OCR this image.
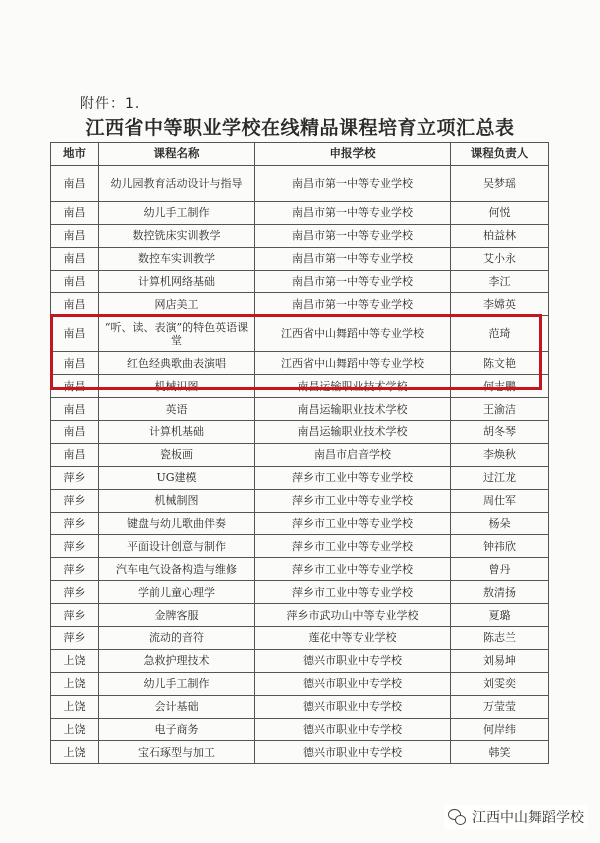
附件：1.
江西省中等职业学校在线精品课程培育立项汇总表
地市	课程名称	申报学校	课程负责人
南昌	幼儿园教育活动设计与指导	南昌市第一中等专业学校	吴梦瑶
南昌	幼儿手工制作	南昌市第一中等专业学校	何悦
南昌	数控铣床实训教学	南昌市第一中等专业学校	柏益林
南昌	数控车实训教学	南昌市第一中等专业学校	艾小永
南昌	计算机网络基础	南昌市第一中等专业学校	李江
南昌	网店美工	南昌市第一中等专业学校	李嫦英
南昌	“听、读、表演”的特色英语课堂	江西省中山舞蹈中等专业学校	范琦
南昌	红色经典歌曲表演唱	江西省中山舞蹈中等专业学校	陈文艳
南昌	机械识图	南昌运输职业技术学校	何志鹏
南昌	英语	南昌运输职业技术学校	王渝洁
南昌	计算机基础	南昌运输职业技术学校	胡冬琴
南昌	瓷板画	南昌市启音学校	李焕秋
萍乡	UG建模	萍乡市工业中等专业学校	过江龙
萍乡	机械制图	萍乡市工业中等专业学校	周仕军
萍乡	键盘与幼儿歌曲伴奏	萍乡市工业中等专业学校	杨朵
萍乡	平面设计创意与制作	萍乡市工业中等专业学校	钟祎欣
萍乡	汽车电气设备构造与维修	萍乡市工业中等专业学校	曾丹
萍乡	学前儿童心理学	萍乡市工业中等专业学校	敖清扬
萍乡	金牌客服	萍乡市武功山中等专业学校	夏璐
萍乡	流动的音符	莲花中等专业学校	陈志兰
上饶	急救护理技术	德兴市职业中专学校	刘易坤
上饶	幼儿手工制作	德兴市职业中专学校	刘雯奕
上饶	会计基础	德兴市职业中专学校	万莹莹
上饶	电子商务	德兴市职业中专学校	何岸纬
上饶	宝石琢型与加工	德兴市职业中专学校	韩笑
江西中山舞蹈学校
